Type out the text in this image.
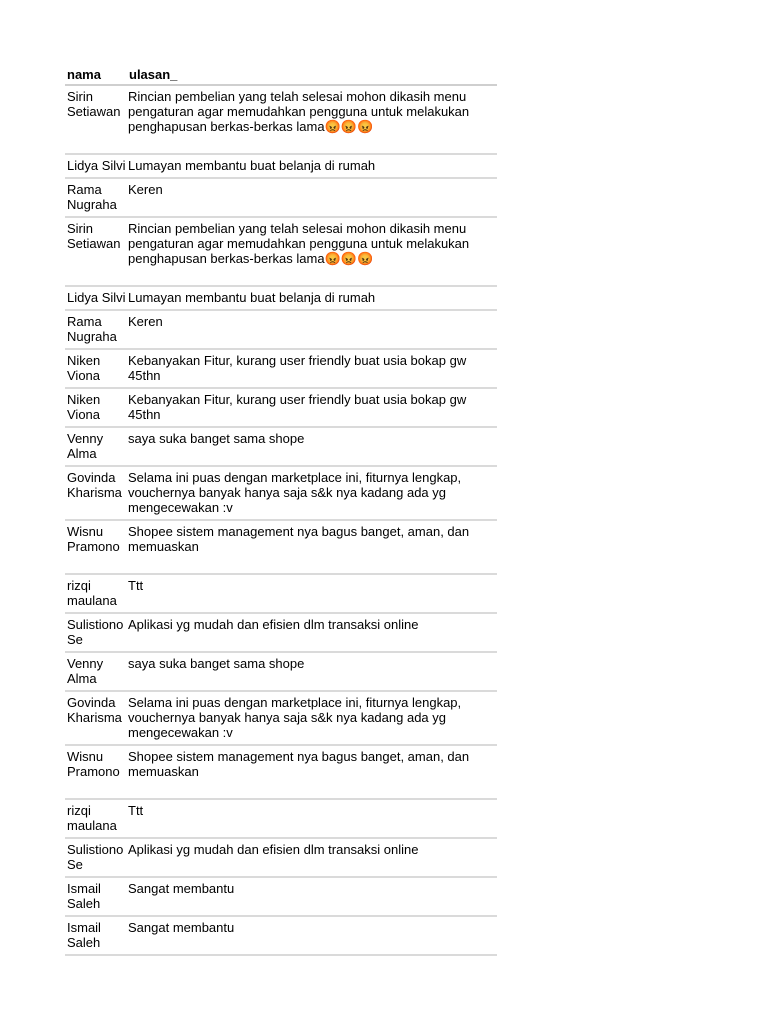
nama	ulasan_
Sirin Setiawan	Rincian pembelian yang telah selesai mohon dikasih menu pengaturan agar memudahkan pengguna untuk melakukan penghapusan berkas-berkas lama😡😡😡

Lidya Silvi	Lumayan membantu buat belanja di rumah
Rama Nugraha	Keren
Sirin Setiawan	Rincian pembelian yang telah selesai mohon dikasih menu pengaturan agar memudahkan pengguna untuk melakukan penghapusan berkas-berkas lama😡😡😡

Lidya Silvi	Lumayan membantu buat belanja di rumah
Rama Nugraha	Keren
Niken Viona	Kebanyakan Fitur, kurang user friendly buat usia bokap gw 45thn
Niken Viona	Kebanyakan Fitur, kurang user friendly buat usia bokap gw 45thn
Venny Alma	saya suka banget sama shope
Govinda Kharisma	Selama ini puas dengan marketplace ini, fiturnya lengkap, vouchernya banyak hanya saja s&k nya kadang ada yg mengecewakan :v
Wisnu Pramono	Shopee sistem management nya bagus banget, aman, dan memuaskan

rizqi maulana	Ttt
Sulistiono Se	Aplikasi yg mudah dan efisien dlm transaksi online
Venny Alma	saya suka banget sama shope
Govinda Kharisma	Selama ini puas dengan marketplace ini, fiturnya lengkap, vouchernya banyak hanya saja s&k nya kadang ada yg mengecewakan :v
Wisnu Pramono	Shopee sistem management nya bagus banget, aman, dan memuaskan

rizqi maulana	Ttt
Sulistiono Se	Aplikasi yg mudah dan efisien dlm transaksi online
Ismail Saleh	Sangat membantu
Ismail Saleh	Sangat membantu
